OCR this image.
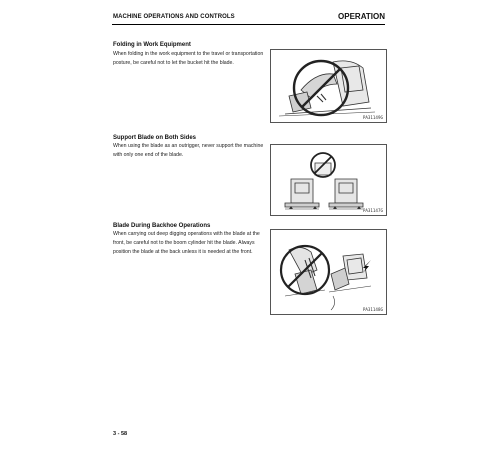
MACHINE OPERATIONS AND CONTROLS	OPERATION
Folding in Work Equipment
When folding in the work equipment to the travel or transportation posture, be careful not to let the bucket hit the blade.
PA31149G
Support Blade on Both Sides
When using the blade as an outrigger, never support the machine with only one end of the blade.
PA31147G
Blade During Backhoe Operations
When carrying out deep digging operations with the blade at the front, be careful not to the boom cylinder hit the blade. Always position the blade at the back unless it is needed at the front.
PA31148G
3 - 58
